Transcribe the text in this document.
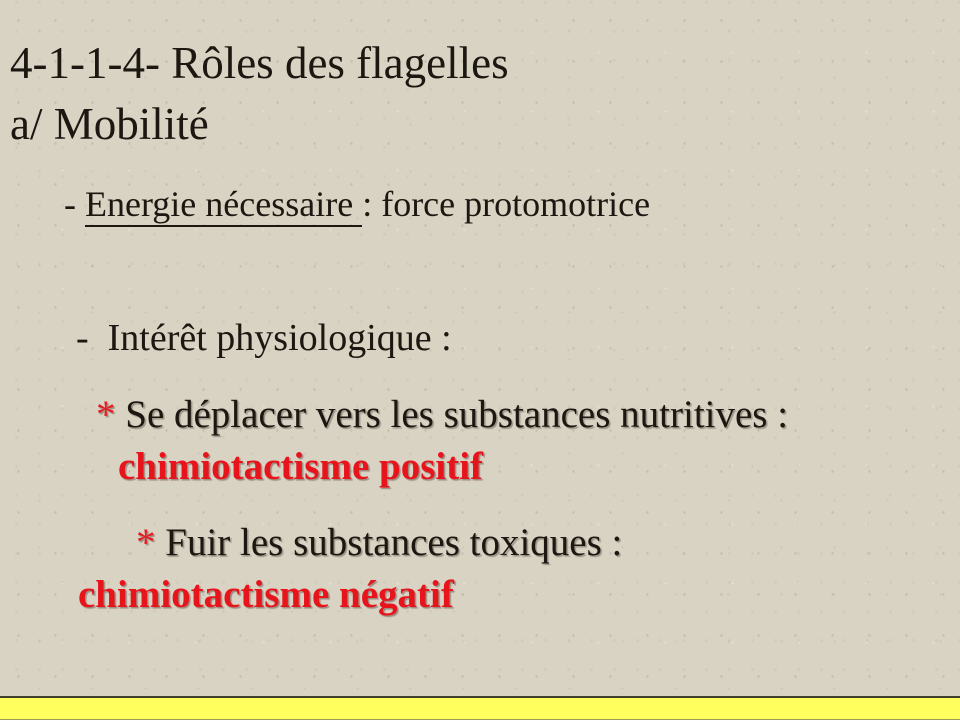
4-1-1-4- Rôles des flagelles
a/ Mobilité
- Energie nécessaire : force protomotrice
-  Intérêt physiologique :
* Se déplacer vers les substances nutritives :
chimiotactisme positif
* Fuir les substances toxiques :
chimiotactisme négatif
